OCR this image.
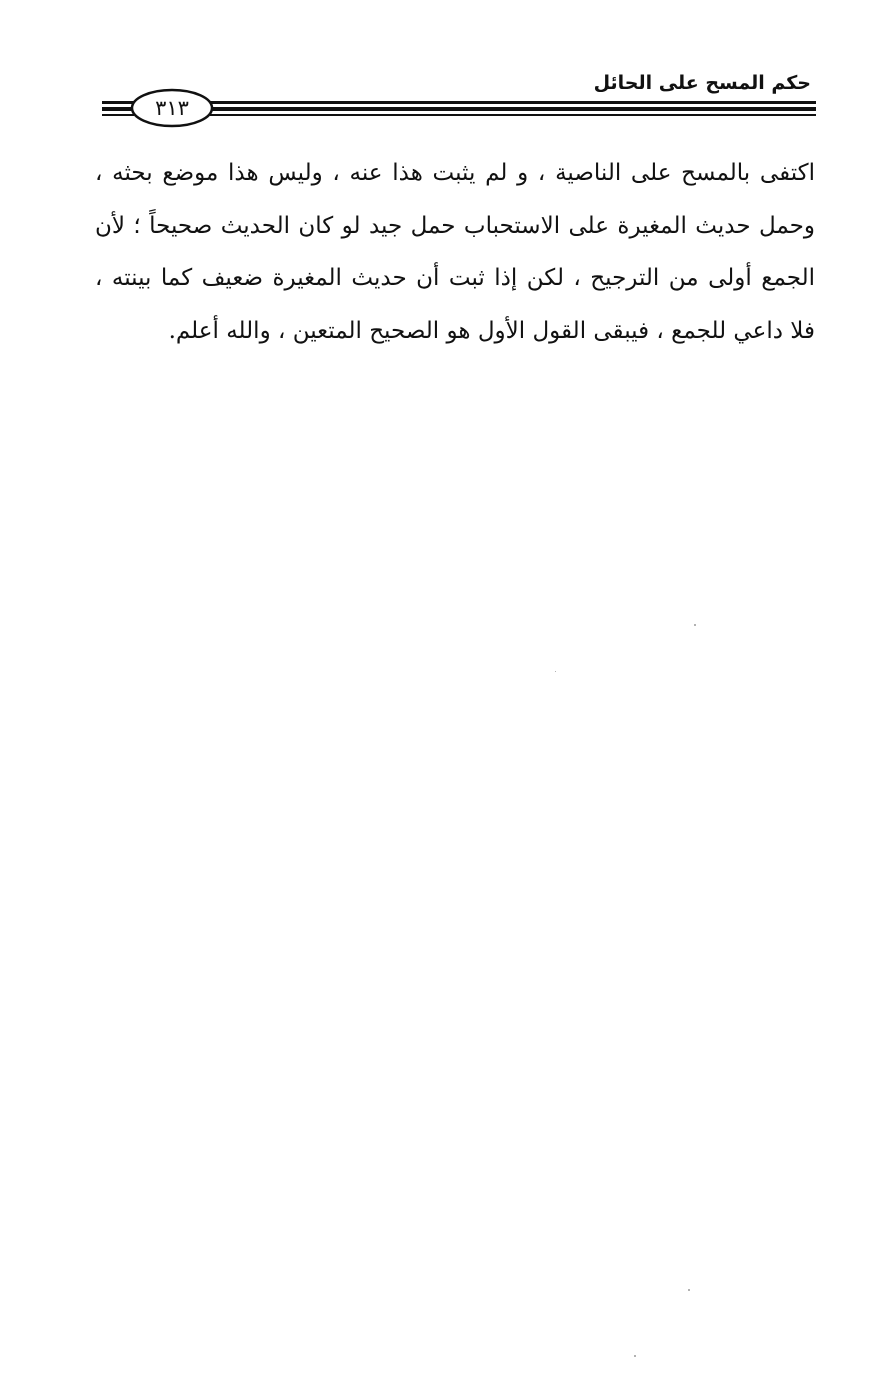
حكم المسح على الحائل
٣١٣

اكتفى بالمسح على الناصية ، و لم يثبت هذا عنه ، وليس هذا موضع بحثه ، وحمل حديث المغيرة على الاستحباب حمل جيد لو كان الحديث صحيحاً ؛ لأن الجمع أولى من الترجيح ، لكن إذا ثبت أن حديث المغيرة ضعيف كما بينته ، فلا داعي للجمع ، فيبقى القول الأول هو الصحيح المتعين ، والله أعلم.
